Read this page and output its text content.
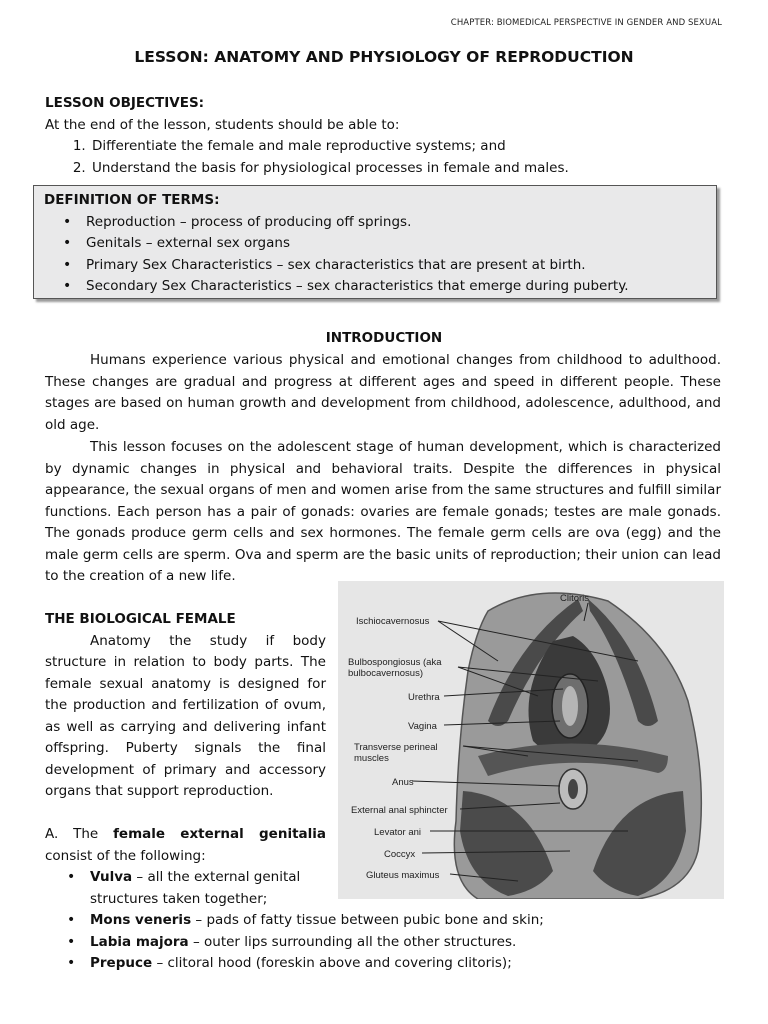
CHAPTER: BIOMEDICAL PERSPECTIVE IN GENDER AND SEXUAL
LESSON: ANATOMY AND PHYSIOLOGY OF REPRODUCTION
LESSON OBJECTIVES:
At the end of the lesson, students should be able to:
1. Differentiate the female and male reproductive systems; and
2. Understand the basis for physiological processes in female and males.
DEFINITION OF TERMS:
• Reproduction – process of producing off springs.
• Genitals – external sex organs
• Primary Sex Characteristics – sex characteristics that are present at birth.
• Secondary Sex Characteristics – sex characteristics that emerge during puberty.
INTRODUCTION

Humans experience various physical and emotional changes from childhood to adulthood. These changes are gradual and progress at different ages and speed in different people. These stages are based on human growth and development from childhood, adolescence, adulthood, and old age.

This lesson focuses on the adolescent stage of human development, which is characterized by dynamic changes in physical and behavioral traits. Despite the differences in physical appearance, the sexual organs of men and women arise from the same structures and fulfill similar functions. Each person has a pair of gonads: ovaries are female gonads; testes are male gonads. The gonads produce germ cells and sex hormones. The female germ cells are ova (egg) and the male germ cells are sperm. Ova and sperm are the basic units of reproduction; their union can lead to the creation of a new life.

THE BIOLOGICAL FEMALE

Anatomy the study if body structure in relation to body parts. The female sexual anatomy is designed for the production and fertilization of ovum, as well as carrying and delivering infant offspring. Puberty signals the final development of primary and accessory organs that support reproduction.

A. The female external genitalia consist of the following:
• Vulva – all the external genital structures taken together;
• Mons veneris – pads of fatty tissue between pubic bone and skin;
• Labia majora – outer lips surrounding all the other structures.
• Prepuce – clitoral hood (foreskin above and covering clitoris);
Clitoris
Ischiocavernosus
Bulbospongiosus (aka
bulbocavernosus)
Urethra
Vagina
Transverse perineal
muscles
Anus
External anal sphincter
Levator ani
Coccyx
Gluteus maximus
